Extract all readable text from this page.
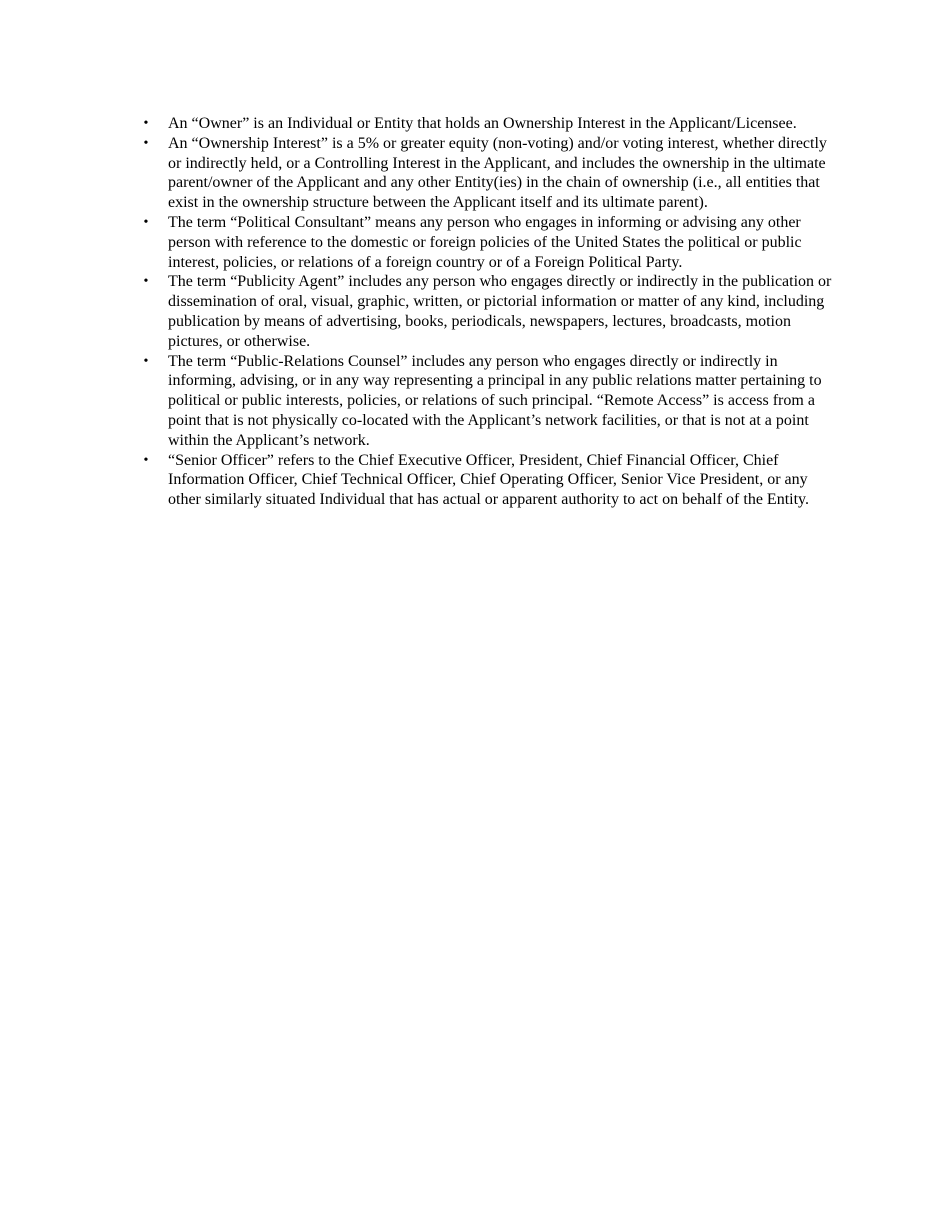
• An “Owner” is an Individual or Entity that holds an Ownership Interest in the Applicant/Licensee.
• An “Ownership Interest” is a 5% or greater equity (non-voting) and/or voting interest, whether directly or indirectly held, or a Controlling Interest in the Applicant, and includes the ownership in the ultimate parent/owner of the Applicant and any other Entity(ies) in the chain of ownership (i.e., all entities that exist in the ownership structure between the Applicant itself and its ultimate parent).
• The term “Political Consultant” means any person who engages in informing or advising any other person with reference to the domestic or foreign policies of the United States the political or public interest, policies, or relations of a foreign country or of a Foreign Political Party.
• The term “Publicity Agent” includes any person who engages directly or indirectly in the publication or dissemination of oral, visual, graphic, written, or pictorial information or matter of any kind, including publication by means of advertising, books, periodicals, newspapers, lectures, broadcasts, motion pictures, or otherwise.
• The term “Public-Relations Counsel” includes any person who engages directly or indirectly in informing, advising, or in any way representing a principal in any public relations matter pertaining to political or public interests, policies, or relations of such principal. “Remote Access” is access from a point that is not physically co-located with the Applicant’s network facilities, or that is not at a point within the Applicant’s network.
• “Senior Officer” refers to the Chief Executive Officer, President, Chief Financial Officer, Chief Information Officer, Chief Technical Officer, Chief Operating Officer, Senior Vice President, or any other similarly situated Individual that has actual or apparent authority to act on behalf of the Entity.
